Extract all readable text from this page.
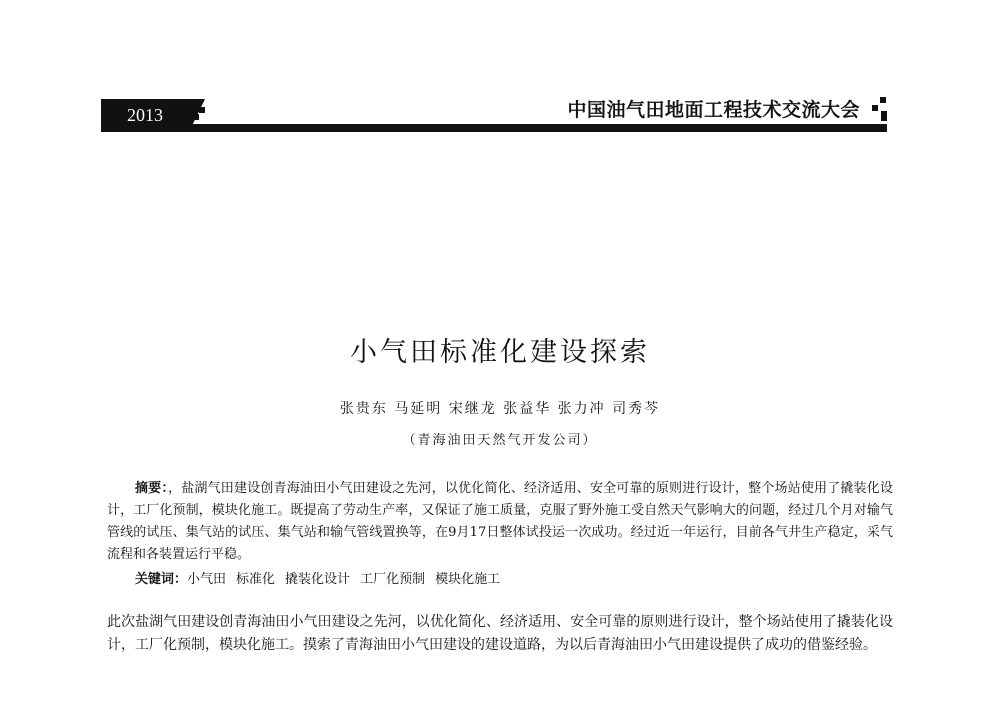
2013	中国油气田地面工程技术交流大会
小气田标准化建设探索
张贵东 马延明 宋继龙 张益华 张力冲 司秀芩
（青海油田天然气开发公司）

摘要：，盐湖气田建设创青海油田小气田建设之先河，以优化简化、经济适用、安全可靠的原则进行设计，整个场站使用了撬装化设计，工厂化预制，模块化施工。既提高了劳动生产率，又保证了施工质量，克服了野外施工受自然天气影响大的问题，经过几个月对输气管线的试压、集气站的试压、集气站和输气管线置换等，在9月17日整体试投运一次成功。经过近一年运行，目前各气井生产稳定，采气流程和各装置运行平稳。

关键词：小气田 标准化 撬装化设计 工厂化预制 模块化施工

此次盐湖气田建设创青海油田小气田建设之先河，以优化简化、经济适用、安全可靠的原则进行设计，整个场站使用了撬装化设计，工厂化预制，模块化施工。摸索了青海油田小气田建设的建设道路，为以后青海油田小气田建设提供了成功的借鉴经验。
